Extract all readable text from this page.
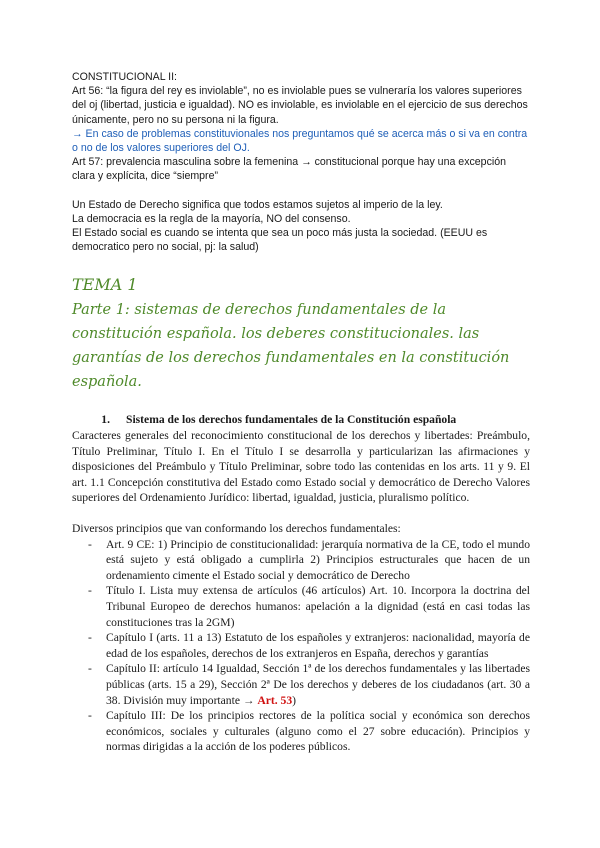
CONSTITUCIONAL II:

Art 56: “la figura del rey es inviolable”, no es inviolable pues se vulneraría los valores superiores del oj (libertad, justicia e igualdad). NO es inviolable, es inviolable en el ejercicio de sus derechos únicamente, pero no su persona ni la figura.

→ En caso de problemas constituvionales nos preguntamos qué se acerca más o si va en contra o no de los valores superiores del OJ.

Art 57: prevalencia masculina sobre la femenina → constitucional porque hay una excepción clara y explícita, dice “siempre”

Un Estado de Derecho significa que todos estamos sujetos al imperio de la ley.

La democracia es la regla de la mayoría, NO del consenso.

El Estado social es cuando se intenta que sea un poco más justa la sociedad. (EEUU es democratico pero no social, pj: la salud)

TEMA 1

Parte 1: sistemas de derechos fundamentales de la constitución española. los deberes constitucionales. las garantías de los derechos fundamentales en la constitución española.

1.	Sistema de los derechos fundamentales de la Constitución española

Caracteres generales del reconocimiento constitucional de los derechos y libertades: Preámbulo, Título Preliminar, Título I. En el Título I se desarrolla y particularizan las afirmaciones y disposiciones del Preámbulo y Título Preliminar, sobre todo las contenidas en los arts. 11 y 9. El art. 1.1 Concepción constitutiva del Estado como Estado social y democrático de Derecho Valores superiores del Ordenamiento Jurídico: libertad, igualdad, justicia, pluralismo político.

Diversos principios que van conformando los derechos fundamentales:

- Art. 9 CE: 1) Principio de constitucionalidad: jerarquía normativa de la CE, todo el mundo está sujeto y está obligado a cumplirla 2) Principios estructurales que hacen de un ordenamiento cimente el Estado social y democrático de Derecho
- Título I. Lista muy extensa de artículos (46 artículos) Art. 10. Incorpora la doctrina del Tribunal Europeo de derechos humanos: apelación a la dignidad (está en casi todas las constituciones tras la 2GM)
- Capítulo I (arts. 11 a 13) Estatuto de los españoles y extranjeros: nacionalidad, mayoría de edad de los españoles, derechos de los extranjeros en España, derechos y garantías
- Capítulo II: artículo 14 Igualdad, Sección 1ª de los derechos fundamentales y las libertades públicas (arts. 15 a 29), Sección 2ª De los derechos y deberes de los ciudadanos (art. 30 a 38. División muy importante → Art. 53)
- Capítulo III: De los principios rectores de la política social y económica son derechos económicos, sociales y culturales (alguno como el 27 sobre educación). Principios y normas dirigidas a la acción de los poderes públicos.
